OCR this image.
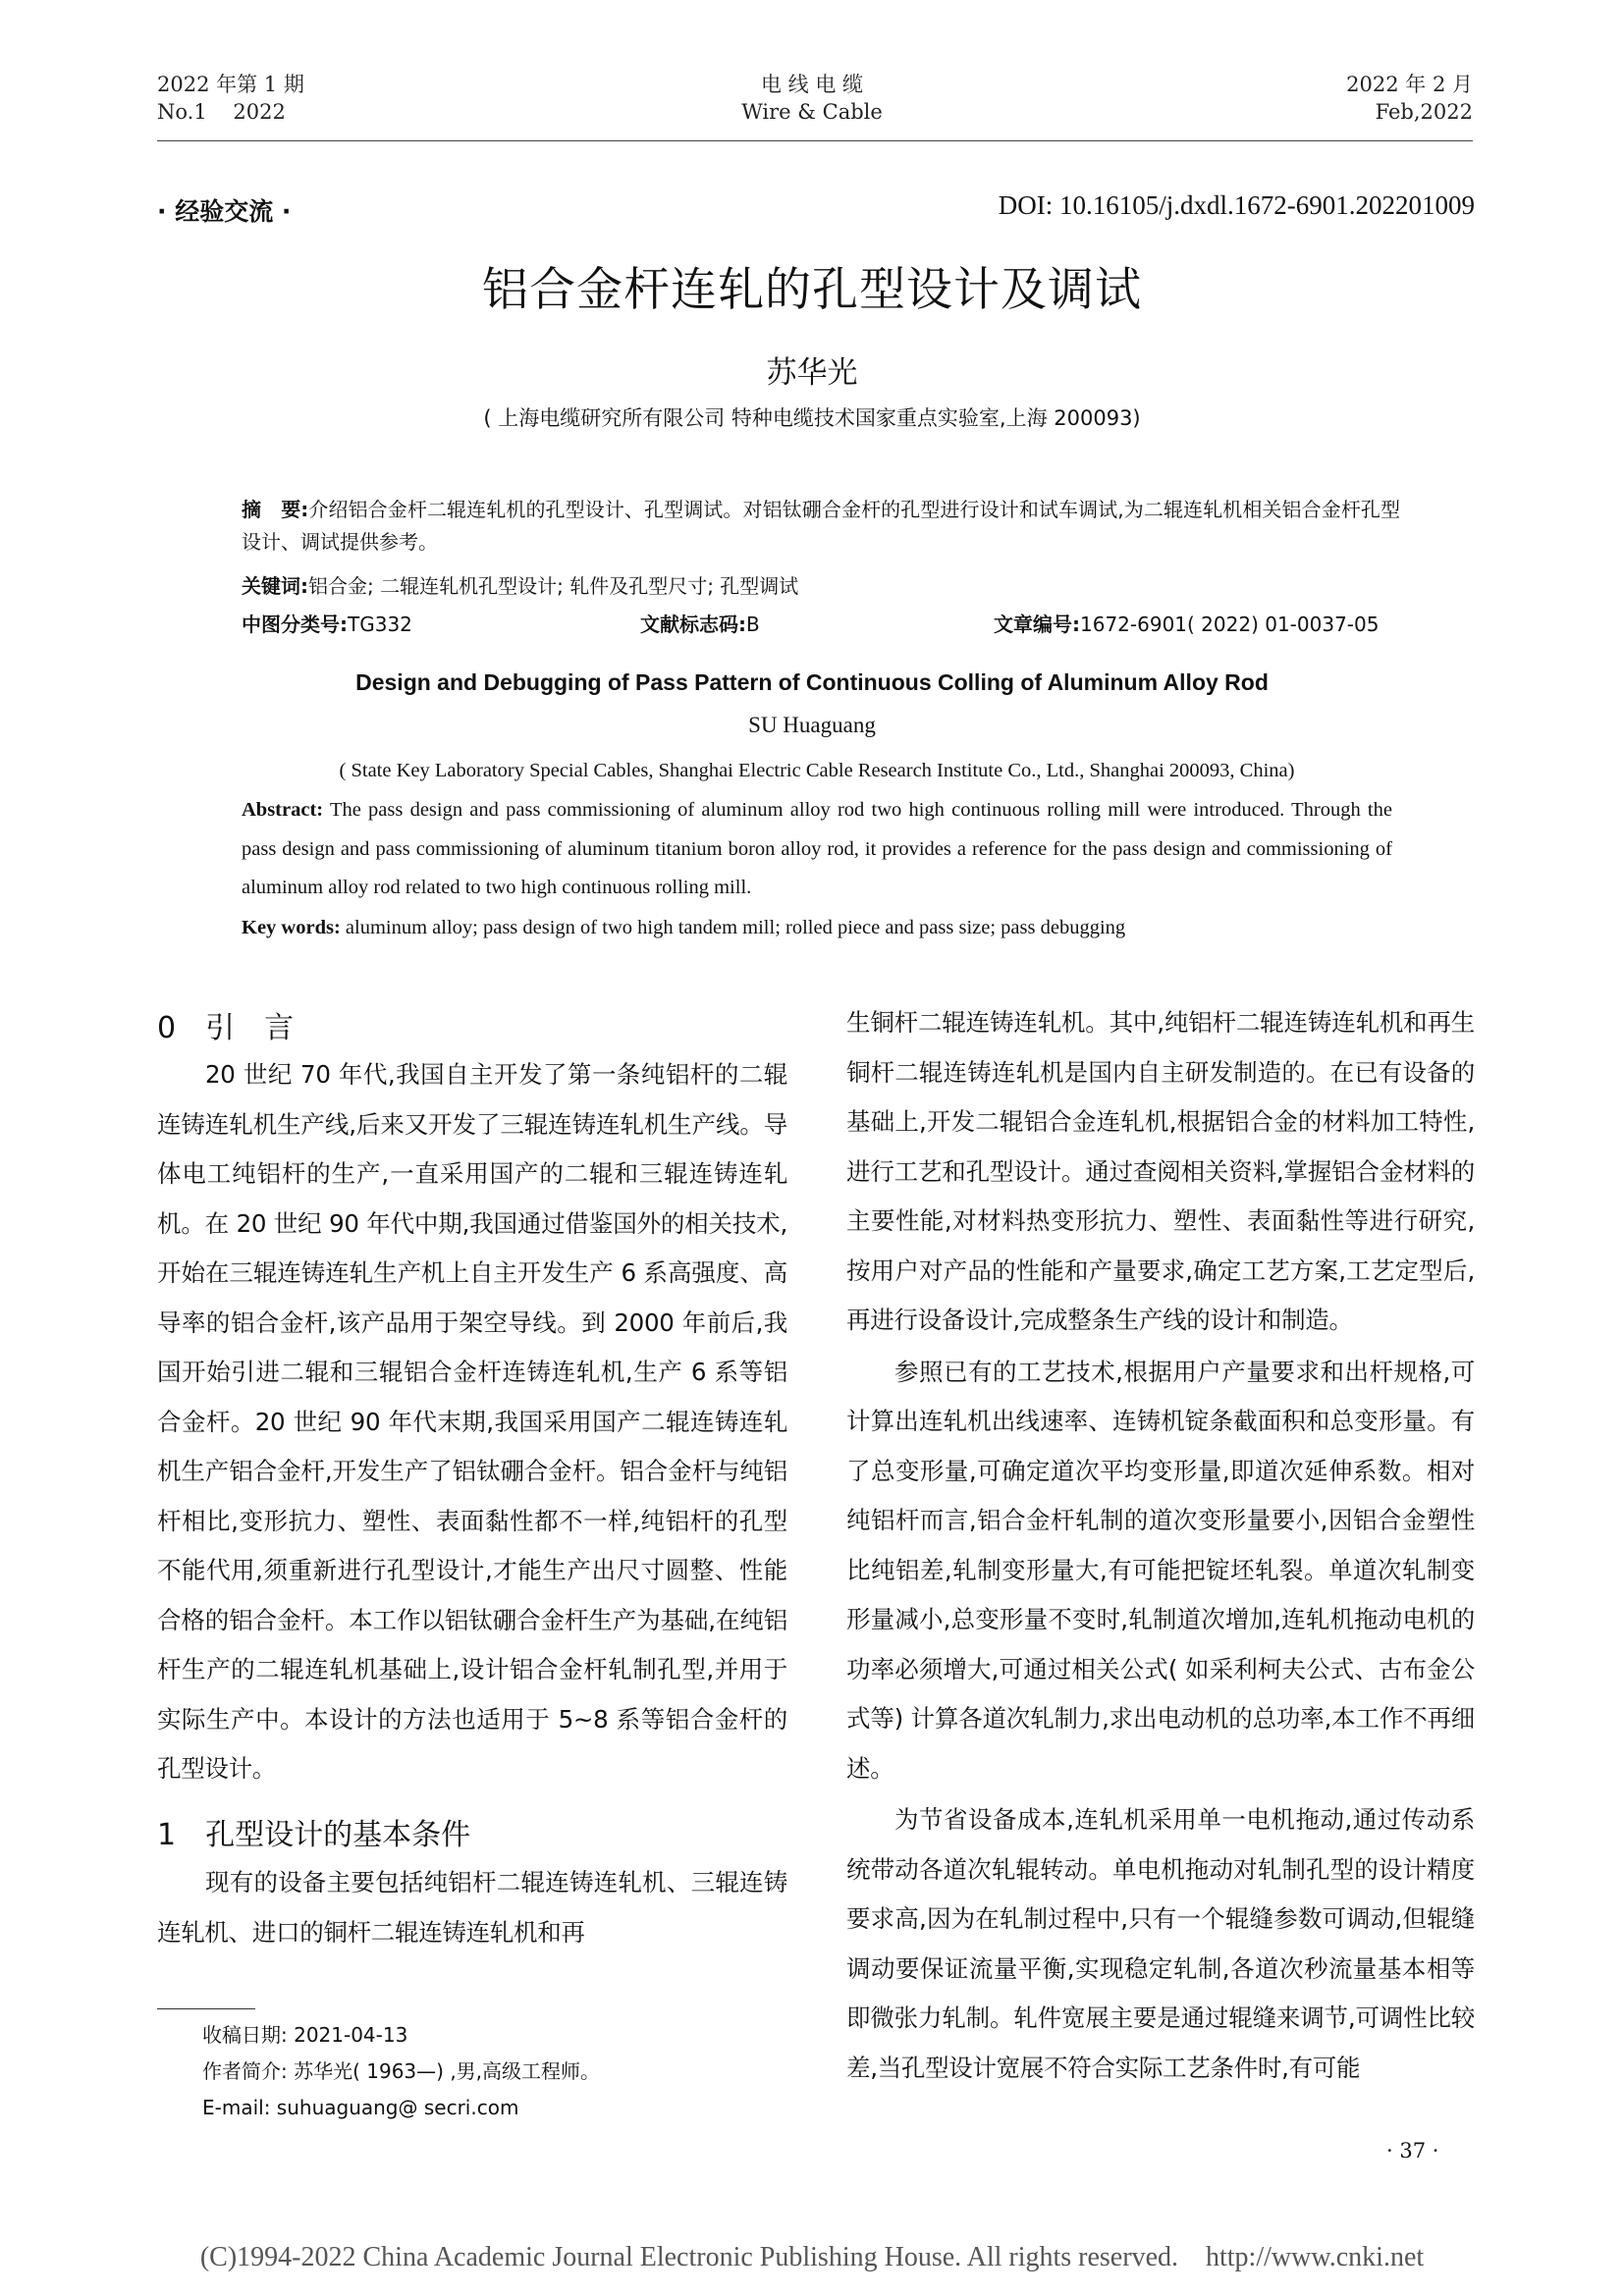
2022 年第 1 期
No.1    2022
电 线 电 缆
Wire & Cable
2022 年 2 月
Feb,2022
· 经验交流 ·	DOI: 10.16105/j.dxdl.1672-6901.202201009
铝合金杆连轧的孔型设计及调试
苏华光
( 上海电缆研究所有限公司 特种电缆技术国家重点实验室,上海 200093)
摘　要:介绍铝合金杆二辊连轧机的孔型设计、孔型调试。对铝钛硼合金杆的孔型进行设计和试车调试,为二辊连轧机相关铝合金杆孔型设计、调试提供参考。
关键词:铝合金; 二辊连轧机孔型设计; 轧件及孔型尺寸; 孔型调试
中图分类号:TG332	文献标志码:B	文章编号:1672-6901( 2022) 01-0037-05
Design and Debugging of Pass Pattern of Continuous Colling of Aluminum Alloy Rod
SU Huaguang
( State Key Laboratory Special Cables, Shanghai Electric Cable Research Institute Co., Ltd., Shanghai 200093, China)
Abstract: The pass design and pass commissioning of aluminum alloy rod two high continuous rolling mill were introduced. Through the pass design and pass commissioning of aluminum titanium boron alloy rod, it provides a reference for the pass design and commissioning of aluminum alloy rod related to two high continuous rolling mill.
Key words: aluminum alloy; pass design of two high tandem mill; rolled piece and pass size; pass debugging
0　引　言

20 世纪 70 年代,我国自主开发了第一条纯铝杆的二辊连铸连轧机生产线,后来又开发了三辊连铸连轧机生产线。导体电工纯铝杆的生产,一直采用国产的二辊和三辊连铸连轧机。在 20 世纪 90 年代中期,我国通过借鉴国外的相关技术,开始在三辊连铸连轧生产机上自主开发生产 6 系高强度、高导率的铝合金杆,该产品用于架空导线。到 2000 年前后,我国开始引进二辊和三辊铝合金杆连铸连轧机,生产 6 系等铝合金杆。20 世纪 90 年代末期,我国采用国产二辊连铸连轧机生产铝合金杆,开发生产了铝钛硼合金杆。铝合金杆与纯铝杆相比,变形抗力、塑性、表面黏性都不一样,纯铝杆的孔型不能代用,须重新进行孔型设计,才能生产出尺寸圆整、性能合格的铝合金杆。本工作以铝钛硼合金杆生产为基础,在纯铝杆生产的二辊连轧机基础上,设计铝合金杆轧制孔型,并用于实际生产中。本设计的方法也适用于 5~8 系等铝合金杆的孔型设计。

1　孔型设计的基本条件

现有的设备主要包括纯铝杆二辊连铸连轧机、三辊连铸连轧机、进口的铜杆二辊连铸连轧机和再

生铜杆二辊连铸连轧机。其中,纯铝杆二辊连铸连轧机和再生铜杆二辊连铸连轧机是国内自主研发制造的。在已有设备的基础上,开发二辊铝合金连轧机,根据铝合金的材料加工特性,进行工艺和孔型设计。通过查阅相关资料,掌握铝合金材料的主要性能,对材料热变形抗力、塑性、表面黏性等进行研究,按用户对产品的性能和产量要求,确定工艺方案,工艺定型后,再进行设备设计,完成整条生产线的设计和制造。

参照已有的工艺技术,根据用户产量要求和出杆规格,可计算出连轧机出线速率、连铸机锭条截面积和总变形量。有了总变形量,可确定道次平均变形量,即道次延伸系数。相对纯铝杆而言,铝合金杆轧制的道次变形量要小,因铝合金塑性比纯铝差,轧制变形量大,有可能把锭坯轧裂。单道次轧制变形量减小,总变形量不变时,轧制道次增加,连轧机拖动电机的功率必须增大,可通过相关公式( 如采利柯夫公式、古布金公式等) 计算各道次轧制力,求出电动机的总功率,本工作不再细述。

为节省设备成本,连轧机采用单一电机拖动,通过传动系统带动各道次轧辊转动。单电机拖动对轧制孔型的设计精度要求高,因为在轧制过程中,只有一个辊缝参数可调动,但辊缝调动要保证流量平衡,实现稳定轧制,各道次秒流量基本相等即微张力轧制。轧件宽展主要是通过辊缝来调节,可调性比较差,当孔型设计宽展不符合实际工艺条件时,有可能

收稿日期: 2021-04-13
作者简介: 苏华光( 1963—) ,男,高级工程师。
E-mail: suhuaguang@ secri.com
· 37 ·
(C)1994-2022 China Academic Journal Electronic Publishing House. All rights reserved.    http://www.cnki.net
